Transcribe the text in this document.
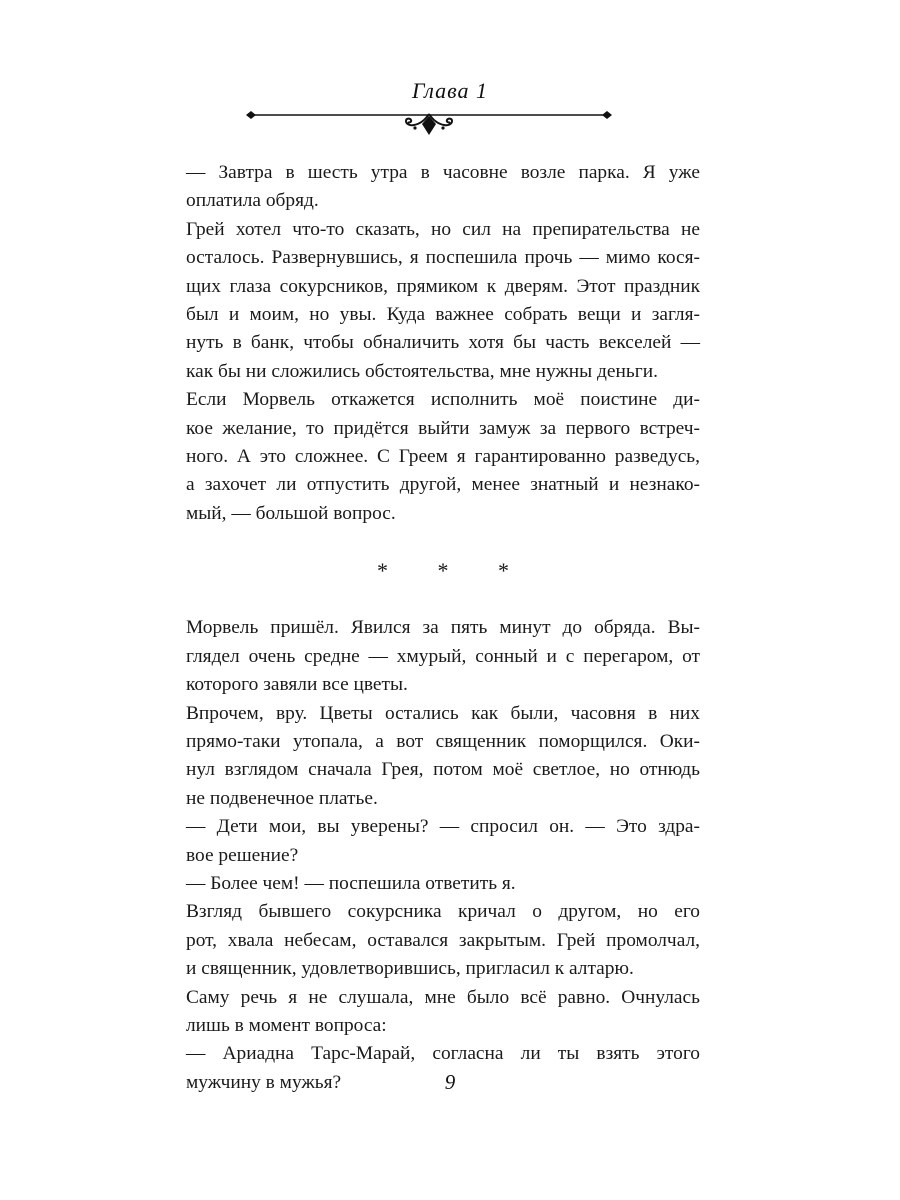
Глава 1

— Завтра в шесть утра в часовне возле парка. Я уже
оплатила обряд.

Грей хотел что-то сказать, но сил на препирательства не
осталось. Развернувшись, я поспешила прочь — мимо кося-
щих глаза сокурсников, прямиком к дверям. Этот праздник
был и моим, но увы. Куда важнее собрать вещи и загля-
нуть в банк, чтобы обналичить хотя бы часть векселей —
как бы ни сложились обстоятельства, мне нужны деньги.

Если Морвель откажется исполнить моё поистине ди-
кое желание, то придётся выйти замуж за первого встреч-
ного. А это сложнее. С Греем я гарантированно разведусь,
а захочет ли отпустить другой, менее знатный и незнако-
мый, — большой вопрос.

* * *

Морвель пришёл. Явился за пять минут до обряда. Вы-
глядел очень средне — хмурый, сонный и с перегаром, от
которого завяли все цветы.

Впрочем, вру. Цветы остались как были, часовня в них
прямо-таки утопала, а вот священник поморщился. Оки-
нул взглядом сначала Грея, потом моё светлое, но отнюдь
не подвенечное платье.

— Дети мои, вы уверены? — спросил он. — Это здра-
вое решение?

— Более чем! — поспешила ответить я.

Взгляд бывшего сокурсника кричал о другом, но его
рот, хвала небесам, оставался закрытым. Грей промолчал,
и священник, удовлетворившись, пригласил к алтарю.

Саму речь я не слушала, мне было всё равно. Очнулась
лишь в момент вопроса:

— Ариадна Тарс-Марай, согласна ли ты взять этого
мужчину в мужья?	9
